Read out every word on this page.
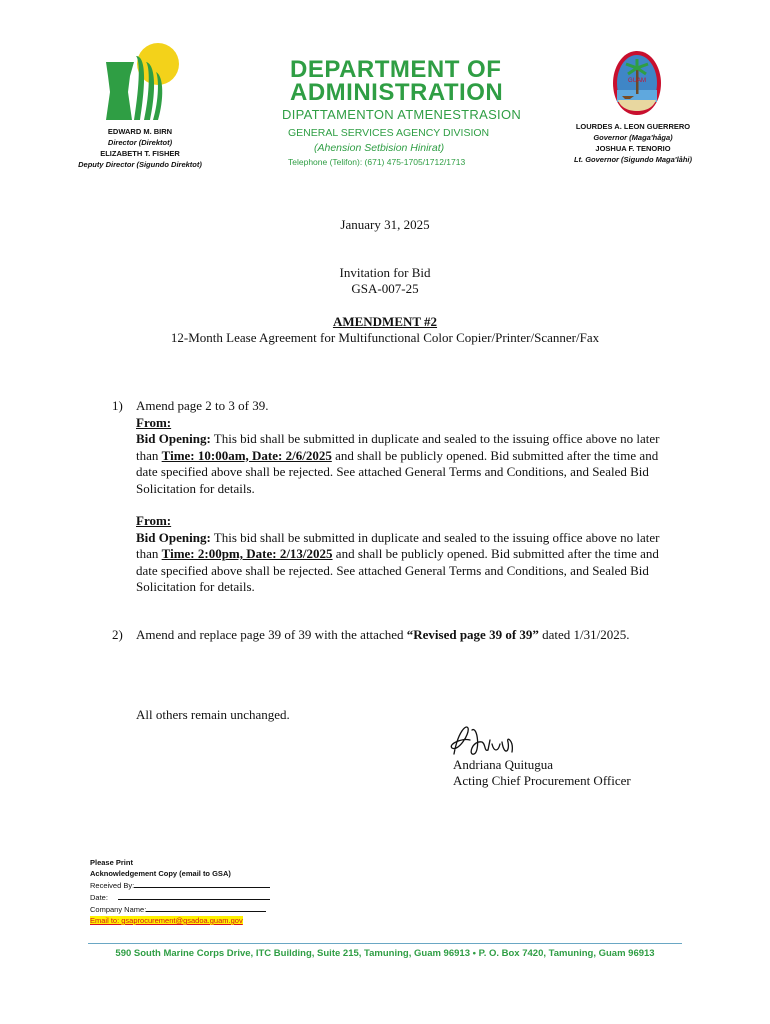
DEPARTMENT OF
ADMINISTRATION
DIPATTAMENTON ATMENESTRASION
GENERAL SERVICES AGENCY DIVISION
(Ahension Setbision Hinirat)
Telephone (Telifon): (671) 475-1705/1712/1713
EDWARD M. BIRN
Director (Direktot)
ELIZABETH T. FISHER
Deputy Director (Sigundo Direktot)
GUAM
LOURDES A. LEON GUERRERO
Governor (Maga'håga)
JOSHUA F. TENORIO
Lt. Governor (Sigundo Maga'låhi)
January 31, 2025
Invitation for Bid
GSA-007-25
AMENDMENT #2
12-Month Lease Agreement for Multifunctional Color Copier/Printer/Scanner/Fax
1) Amend page 2 to 3 of 39.
From:
Bid Opening: This bid shall be submitted in duplicate and sealed to the issuing office above no later than Time: 10:00am, Date: 2/6/2025 and shall be publicly opened. Bid submitted after the time and date specified above shall be rejected. See attached General Terms and Conditions, and Sealed Bid Solicitation for details.
From:
Bid Opening: This bid shall be submitted in duplicate and sealed to the issuing office above no later than Time: 2:00pm, Date: 2/13/2025 and shall be publicly opened. Bid submitted after the time and date specified above shall be rejected. See attached General Terms and Conditions, and Sealed Bid Solicitation for details.
2) Amend and replace page 39 of 39 with the attached “Revised page 39 of 39” dated 1/31/2025.
All others remain unchanged.
Andriana Quitugua
Acting Chief Procurement Officer
Please Print
Acknowledgement Copy (email to GSA)
Received By:
Date:
Company Name:
Email to: gsaprocurement@gsadoa.guam.gov
590 South Marine Corps Drive, ITC Building, Suite 215, Tamuning, Guam 96913 • P. O. Box 7420, Tamuning, Guam 96913
